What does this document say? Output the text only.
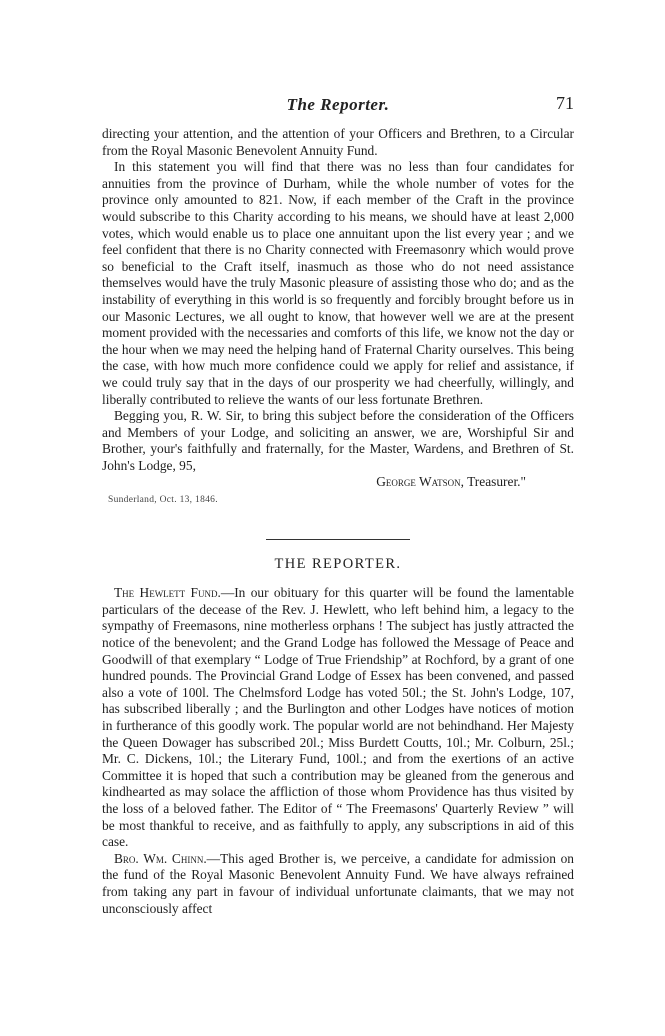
The Reporter.	71

directing your attention, and the attention of your Officers and Brethren, to a Circular from the Royal Masonic Benevolent Annuity Fund.

In this statement you will find that there was no less than four candidates for annuities from the province of Durham, while the whole number of votes for the province only amounted to 821. Now, if each member of the Craft in the province would subscribe to this Charity according to his means, we should have at least 2,000 votes, which would enable us to place one annuitant upon the list every year ; and we feel confident that there is no Charity connected with Freemasonry which would prove so beneficial to the Craft itself, inasmuch as those who do not need assistance themselves would have the truly Masonic pleasure of assisting those who do; and as the instability of everything in this world is so frequently and forcibly brought before us in our Masonic Lectures, we all ought to know, that however well we are at the present moment provided with the necessaries and comforts of this life, we know not the day or the hour when we may need the helping hand of Fraternal Charity ourselves. This being the case, with how much more confidence could we apply for relief and assistance, if we could truly say that in the days of our prosperity we had cheerfully, willingly, and liberally contributed to relieve the wants of our less fortunate Brethren.

Begging you, R. W. Sir, to bring this subject before the consideration of the Officers and Members of your Lodge, and soliciting an answer, we are, Worshipful Sir and Brother, your's faithfully and fraternally, for the Master, Wardens, and Brethren of St. John's Lodge, 95,

George Watson, Treasurer."

Sunderland, Oct. 13, 1846.

THE REPORTER.

The Hewlett Fund.—In our obituary for this quarter will be found the lamentable particulars of the decease of the Rev. J. Hewlett, who left behind him, a legacy to the sympathy of Freemasons, nine motherless orphans ! The subject has justly attracted the notice of the benevolent; and the Grand Lodge has followed the Message of Peace and Goodwill of that exemplary “ Lodge of True Friendship” at Rochford, by a grant of one hundred pounds. The Provincial Grand Lodge of Essex has been convened, and passed also a vote of 100l. The Chelmsford Lodge has voted 50l.; the St. John's Lodge, 107, has subscribed liberally ; and the Burlington and other Lodges have notices of motion in furtherance of this goodly work. The popular world are not behindhand. Her Majesty the Queen Dowager has subscribed 20l.; Miss Burdett Coutts, 10l.; Mr. Colburn, 25l.; Mr. C. Dickens, 10l.; the Literary Fund, 100l.; and from the exertions of an active Committee it is hoped that such a contribution may be gleaned from the generous and kindhearted as may solace the affliction of those whom Providence has thus visited by the loss of a beloved father. The Editor of “ The Freemasons' Quarterly Review ” will be most thankful to receive, and as faithfully to apply, any subscriptions in aid of this case.

Bro. Wm. Chinn.—This aged Brother is, we perceive, a candidate for admission on the fund of the Royal Masonic Benevolent Annuity Fund. We have always refrained from taking any part in favour of individual unfortunate claimants, that we may not unconsciously affect
